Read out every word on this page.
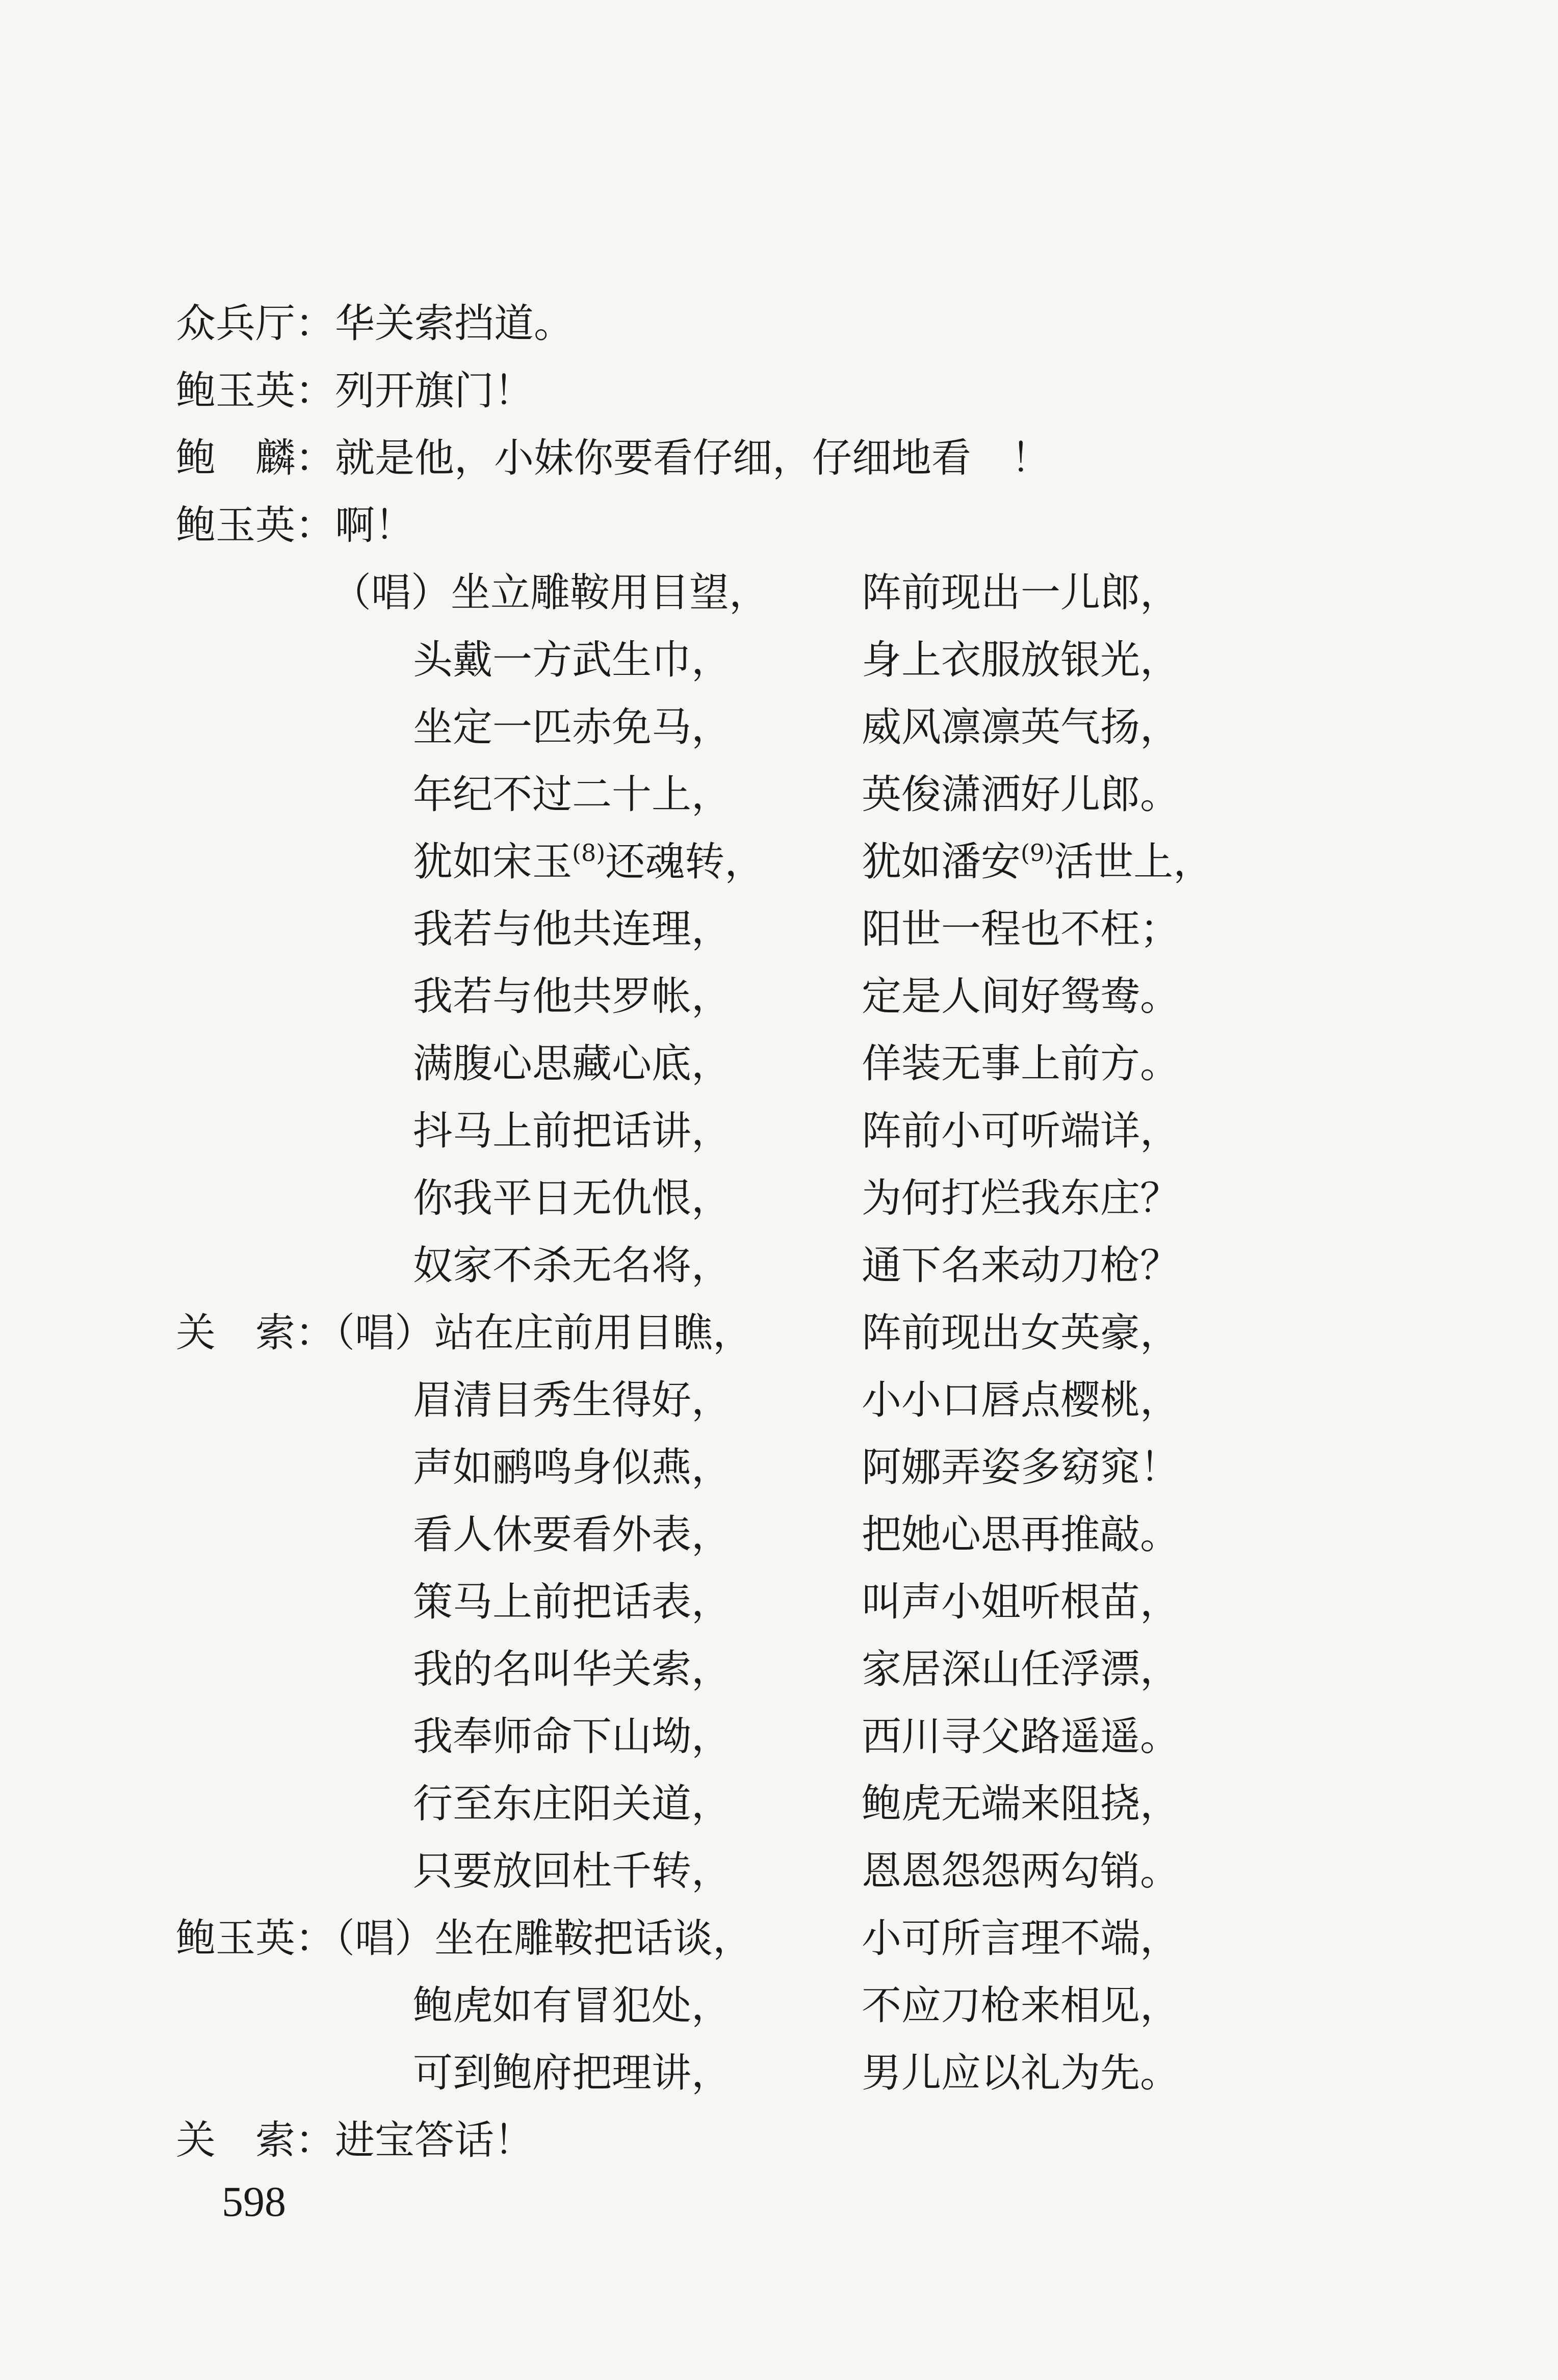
众兵厅：华关索挡道。
鲍玉英：列开旗门！
鲍　麟：就是他，小妹你要看仔细，仔细地看　！
鲍玉英：啊！
（唱）坐立雕鞍用目望， 阵前现出一儿郎，
头戴一方武生巾，	身上衣服放银光，
坐定一匹赤免马，	威风凛凛英气扬，
年纪不过二十上，	英俊潇洒好儿郎。
犹如宋玉$^{(8)}$还魂转， 犹如潘安$^{(9)}$活世上，
我若与他共连理，	阳世一程也不枉；
我若与他共罗帐，	定是人间好鸳鸯。
满腹心思藏心底，	佯装无事上前方。
抖马上前把话讲，	阵前小可听端详，
你我平日无仇恨，	为何打烂我东庄？
奴家不杀无名将，	通下名来动刀枪？
关　索：（唱）站在庄前用目瞧，	阵前现出女英豪，
眉清目秀生得好，	小小口唇点樱桃，
声如鹂鸣身似燕，	阿娜弄姿多窈窕！
看人休要看外表，	把她心思再推敲。
策马上前把话表，	叫声小姐听根苗，
我的名叫华关索，	家居深山任浮漂，
我奉师命下山坳，	西川寻父路遥遥。
行至东庄阳关道，	鲍虎无端来阻挠，
只要放回杜千转，	恩恩怨怨两勾销。
鲍玉英：（唱）坐在雕鞍把话谈，	小可所言理不端，
鲍虎如有冒犯处，	不应刀枪来相见，
可到鲍府把理讲，	男儿应以礼为先。
关　索：进宝答话！
598
